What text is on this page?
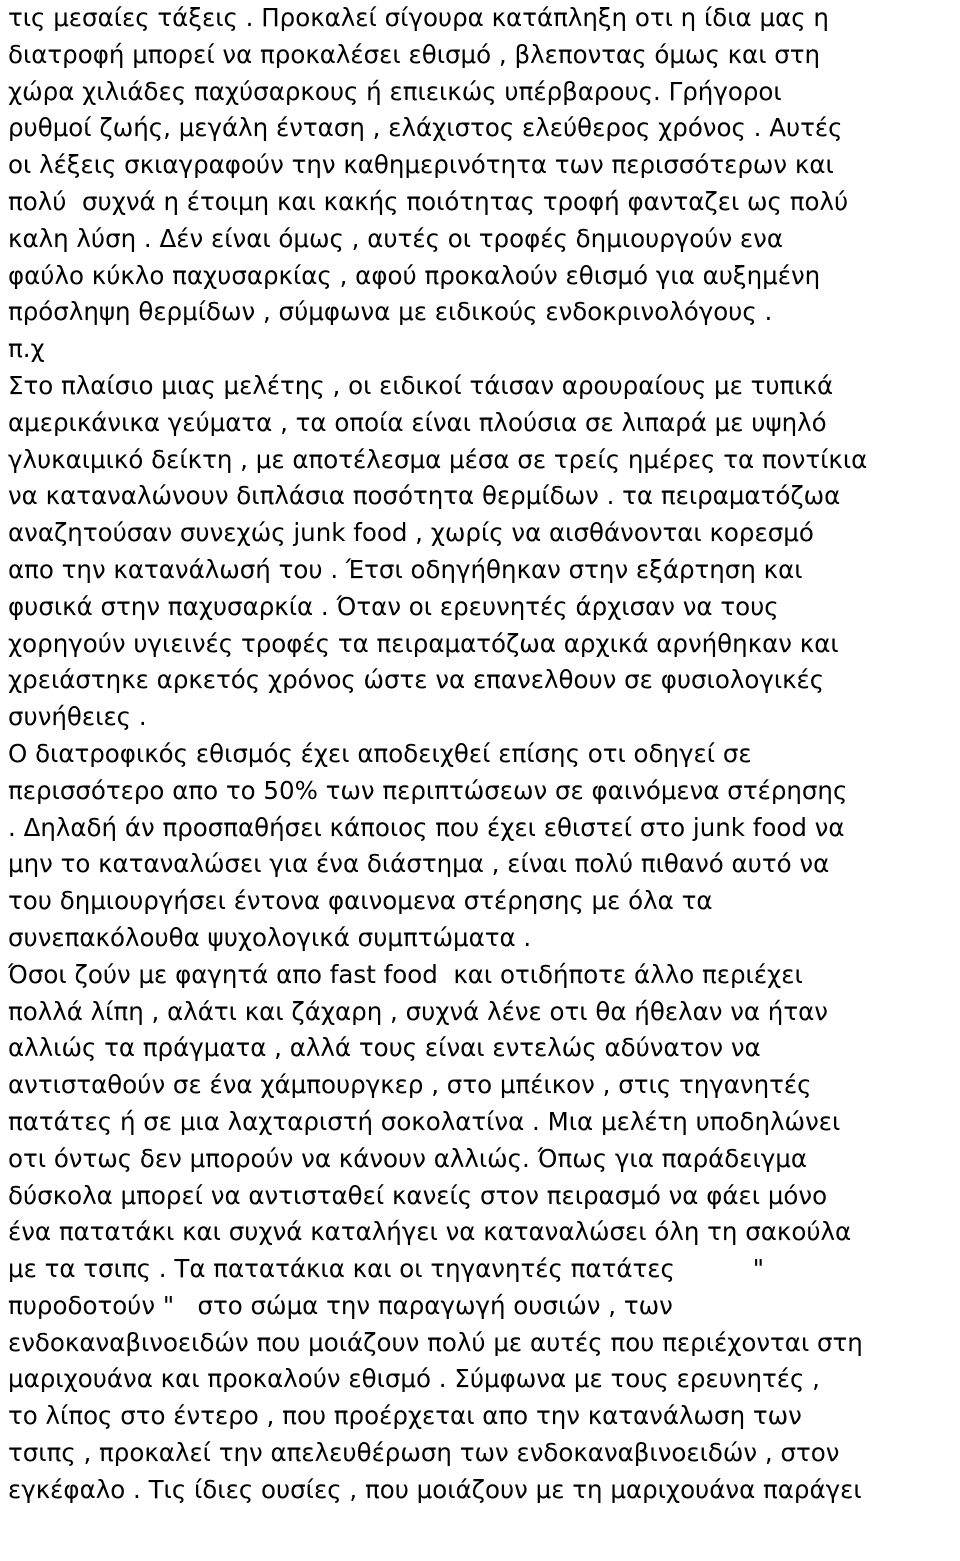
τις μεσαίες τάξεις . Προκαλεί σίγουρα κατάπληξη οτι η ίδια μας η
διατροφή μπορεί να προκαλέσει εθισμό , βλεποντας όμως και στη
χώρα χιλιάδες παχύσαρκους ή επιεικώς υπέρβαρους. Γρήγοροι
ρυθμοί ζωής, μεγάλη ένταση , ελάχιστος ελεύθερος χρόνος . Αυτές
οι λέξεις σκιαγραφούν την καθημερινότητα των περισσότερων και
πολύ  συχνά η έτοιμη και κακής ποιότητας τροφή φανταζει ως πολύ
καλη λύση . Δέν είναι όμως , αυτές οι τροφές δημιουργούν ενα
φαύλο κύκλο παχυσαρκίας , αφού προκαλούν εθισμό για αυξημένη
πρόσληψη θερμίδων , σύμφωνα με ειδικούς ενδοκρινολόγους .
π.χ
Στο πλαίσιο μιας μελέτης , οι ειδικοί τάισαν αρουραίους με τυπικά
αμερικάνικα γεύματα , τα οποία είναι πλούσια σε λιπαρά με υψηλό
γλυκαιμικό δείκτη , με αποτέλεσμα μέσα σε τρείς ημέρες τα ποντίκια
να καταναλώνουν διπλάσια ποσότητα θερμίδων . τα πειραματόζωα
αναζητούσαν συνεχώς junk food , χωρίς να αισθάνονται κορεσμό
απο την κατανάλωσή του . Έτσι οδηγήθηκαν στην εξάρτηση και
φυσικά στην παχυσαρκία . Όταν οι ερευνητές άρχισαν να τους
χορηγούν υγιεινές τροφές τα πειραματόζωα αρχικά αρνήθηκαν και
χρειάστηκε αρκετός χρόνος ώστε να επανελθουν σε φυσιολογικές
συνήθειες .
Ο διατροφικός εθισμός έχει αποδειχθεί επίσης οτι οδηγεί σε
περισσότερο απο το 50% των περιπτώσεων σε φαινόμενα στέρησης
. Δηλαδή άν προσπαθήσει κάποιος που έχει εθιστεί στο junk food να
μην το καταναλώσει για ένα διάστημα , είναι πολύ πιθανό αυτό να
του δημιουργήσει έντονα φαινομενα στέρησης με όλα τα
συνεπακόλουθα ψυχολογικά συμπτώματα .
Όσοι ζούν με φαγητά απο fast food  και οτιδήποτε άλλο περιέχει
πολλά λίπη , αλάτι και ζάχαρη , συχνά λένε οτι θα ήθελαν να ήταν
αλλιώς τα πράγματα , αλλά τους είναι εντελώς αδύνατον να
αντισταθούν σε ένα χάμπουργκερ , στο μπέικον , στις τηγανητές
πατάτες ή σε μια λαχταριστή σοκολατίνα . Μια μελέτη υποδηλώνει
οτι όντως δεν μπορούν να κάνουν αλλιώς. Όπως για παράδειγμα
δύσκολα μπορεί να αντισταθεί κανείς στον πειρασμό να φάει μόνο
ένα πατατάκι και συχνά καταλήγει να καταναλώσει όλη τη σακούλα
με τα τσιπς . Τα πατατάκια και οι τηγανητές πατάτες          "
πυροδοτούν "   στο σώμα την παραγωγή ουσιών , των
ενδοκαναβινοειδών που μοιάζουν πολύ με αυτές που περιέχονται στη
μαριχουάνα και προκαλούν εθισμό . Σύμφωνα με τους ερευνητές ,
το λίπος στο έντερο , που προέρχεται απο την κατανάλωση των
τσιπς , προκαλεί την απελευθέρωση των ενδοκαναβινοειδών , στον
εγκέφαλο . Τις ίδιες ουσίες , που μοιάζουν με τη μαριχουάνα παράγει
